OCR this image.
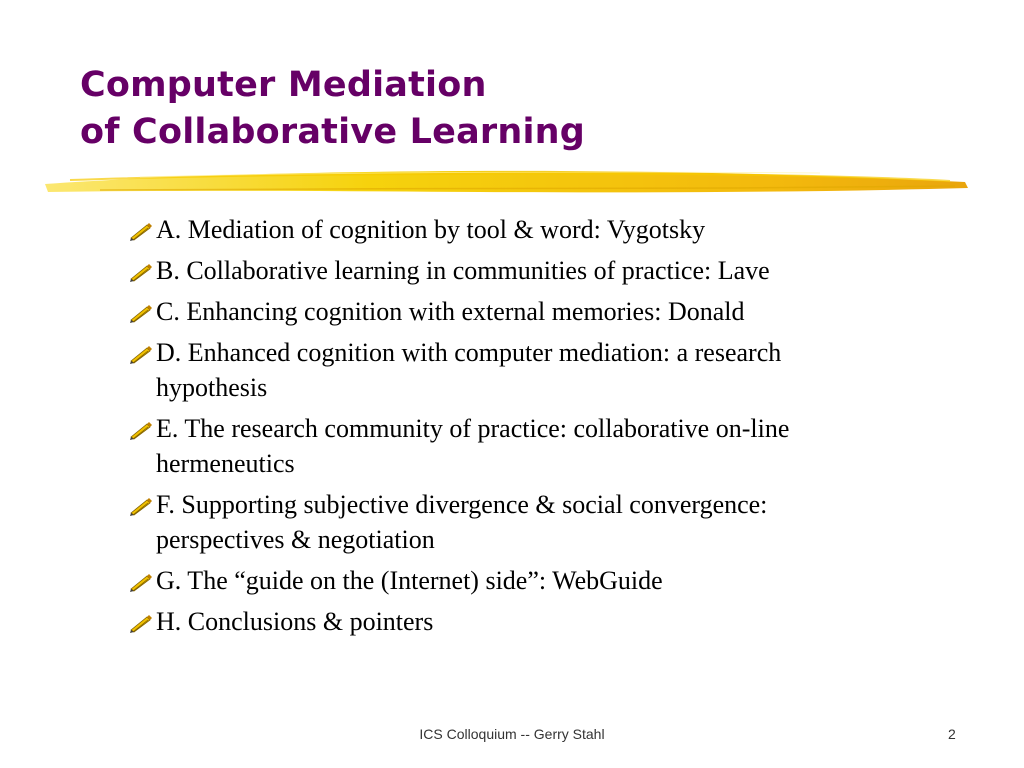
Computer Mediation
of Collaborative Learning
A. Mediation of cognition by tool & word: Vygotsky
B. Collaborative learning in communities of practice: Lave
C. Enhancing cognition with external memories: Donald
D. Enhanced cognition with computer mediation: a research hypothesis
E. The research community of practice: collaborative on-line hermeneutics
F. Supporting subjective divergence & social convergence: perspectives & negotiation
G. The “guide on the (Internet) side”: WebGuide
H. Conclusions & pointers
ICS Colloquium -- Gerry Stahl	2
